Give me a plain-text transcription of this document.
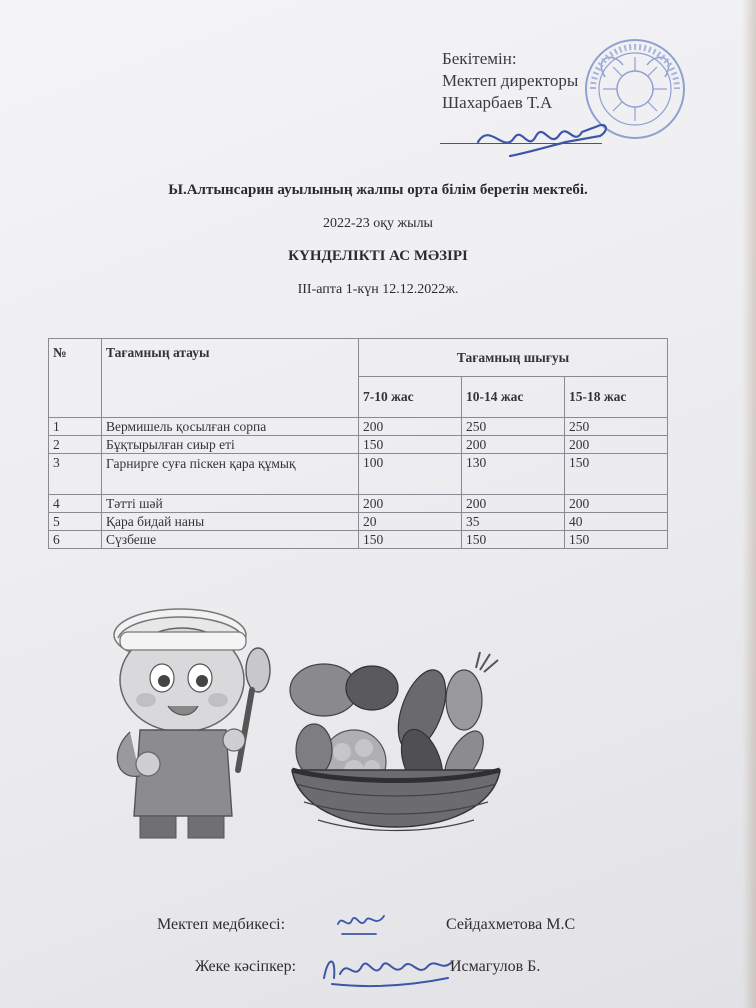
Бекітемін:
Мектеп директоры
Шахарбаев Т.А
Ы.Алтынсарин ауылының жалпы орта білім беретін мектебі.
2022-23 оқу жылы
КҮНДЕЛІКТІ АС МӘЗІРІ
ІІІ-апта 1-күн 12.12.2022ж.
№	Тағамның атауы	Тағамның шығуы		
		7-10 жас	10-14 жас	15-18 жас
1	Вермишель қосылған сорпа	200	250	250
2	Бұқтырылған сиыр еті	150	200	200
3	Гарнирге суға піскен қара құмық	100	130	150
4	Тәтті шәй	200	200	200
5	Қара бидай наны	20	35	40
6	Сүзбеше	150	150	150
Мектеп медбикесі:	Сейдахметова М.С
Жеке кәсіпкер:	Исмагулов Б.
